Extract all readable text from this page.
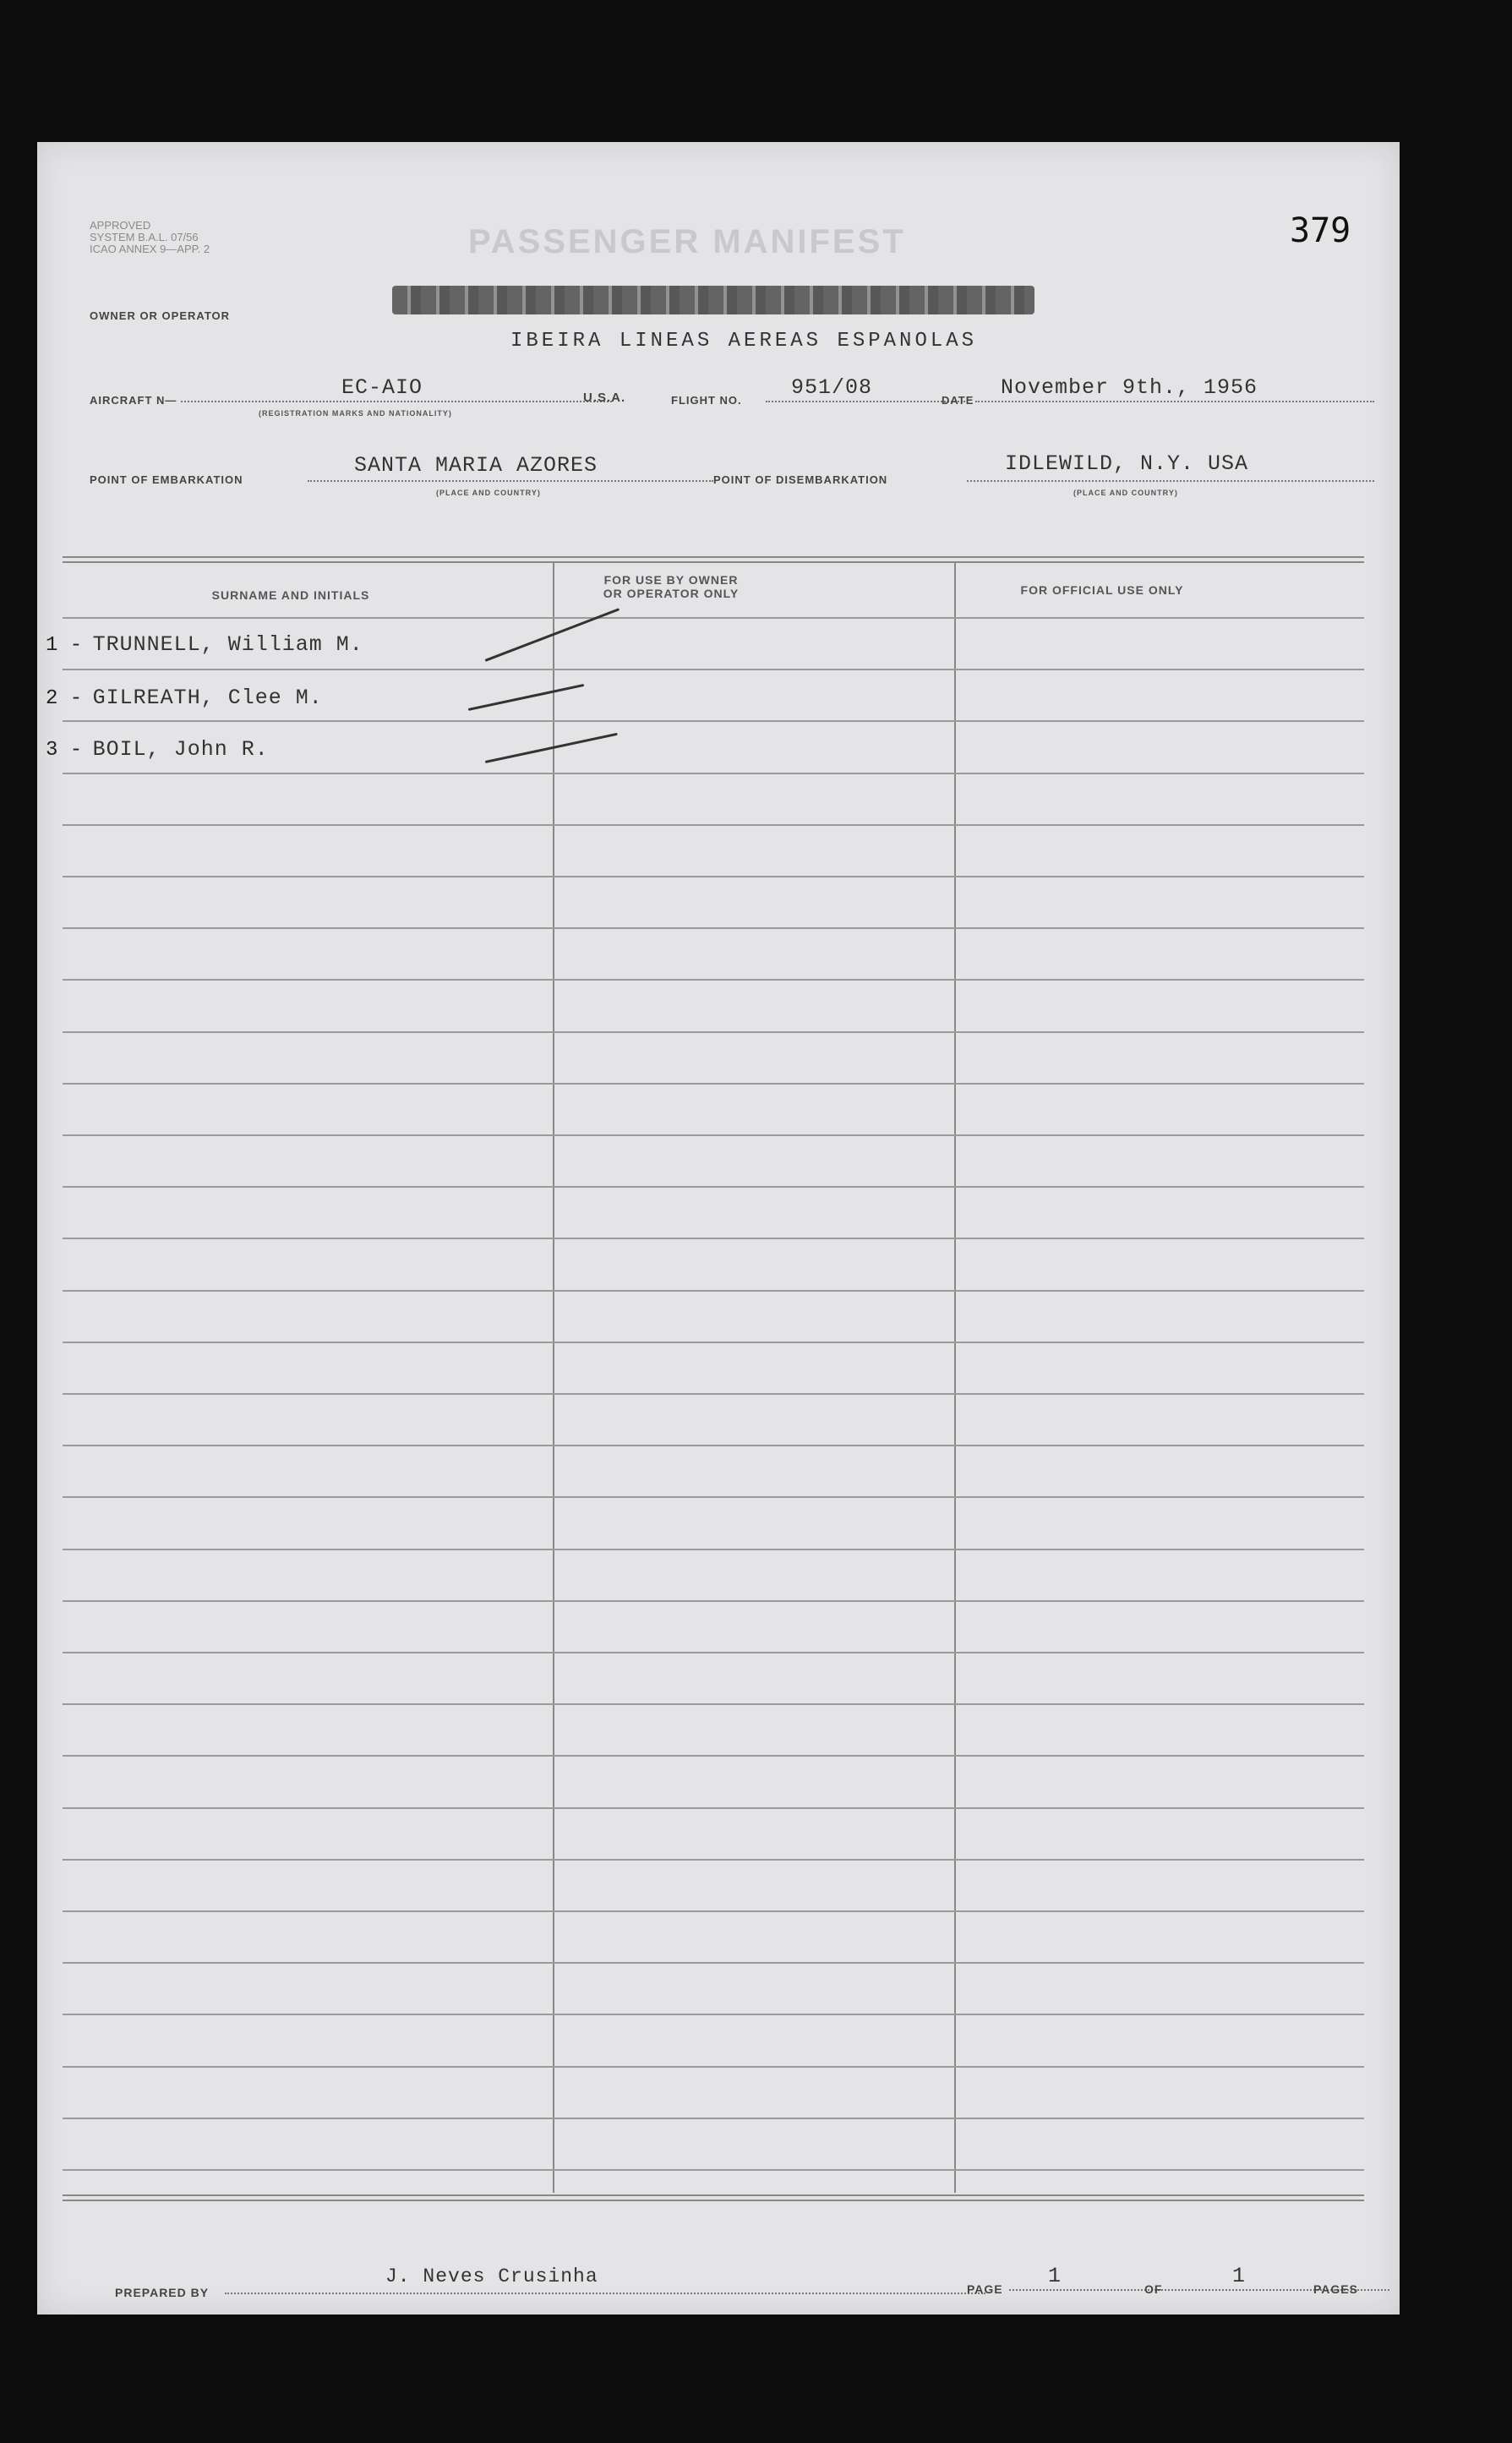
APPROVED
SYSTEM B.A.L. 07/56
ICAO ANNEX 9—APP. 2	PASSENGER MANIFEST	379
OWNER OR OPERATOR
IBEIRA LINEAS AEREAS ESPANOLAS
AIRCRAFT N—
EC-AIO
(REGISTRATION MARKS AND NATIONALITY)
U.S.A.	FLIGHT NO.
951/08
DATE
November 9th., 1956
POINT OF EMBARKATION
SANTA MARIA AZORES
(PLACE AND COUNTRY)
POINT OF DISEMBARKATION
IDLEWILD, N.Y. USA
(PLACE AND COUNTRY)
SURNAME AND INITIALS
FOR USE BY OWNER
OR OPERATOR ONLY	FOR OFFICIAL USE ONLY
1 - TRUNNELL, William M.
2 - GILREATH, Clee M.
3 - BOIL, John R.
PREPARED BY
J. Neves Crusinha
PAGE
1
OF
1
PAGES
